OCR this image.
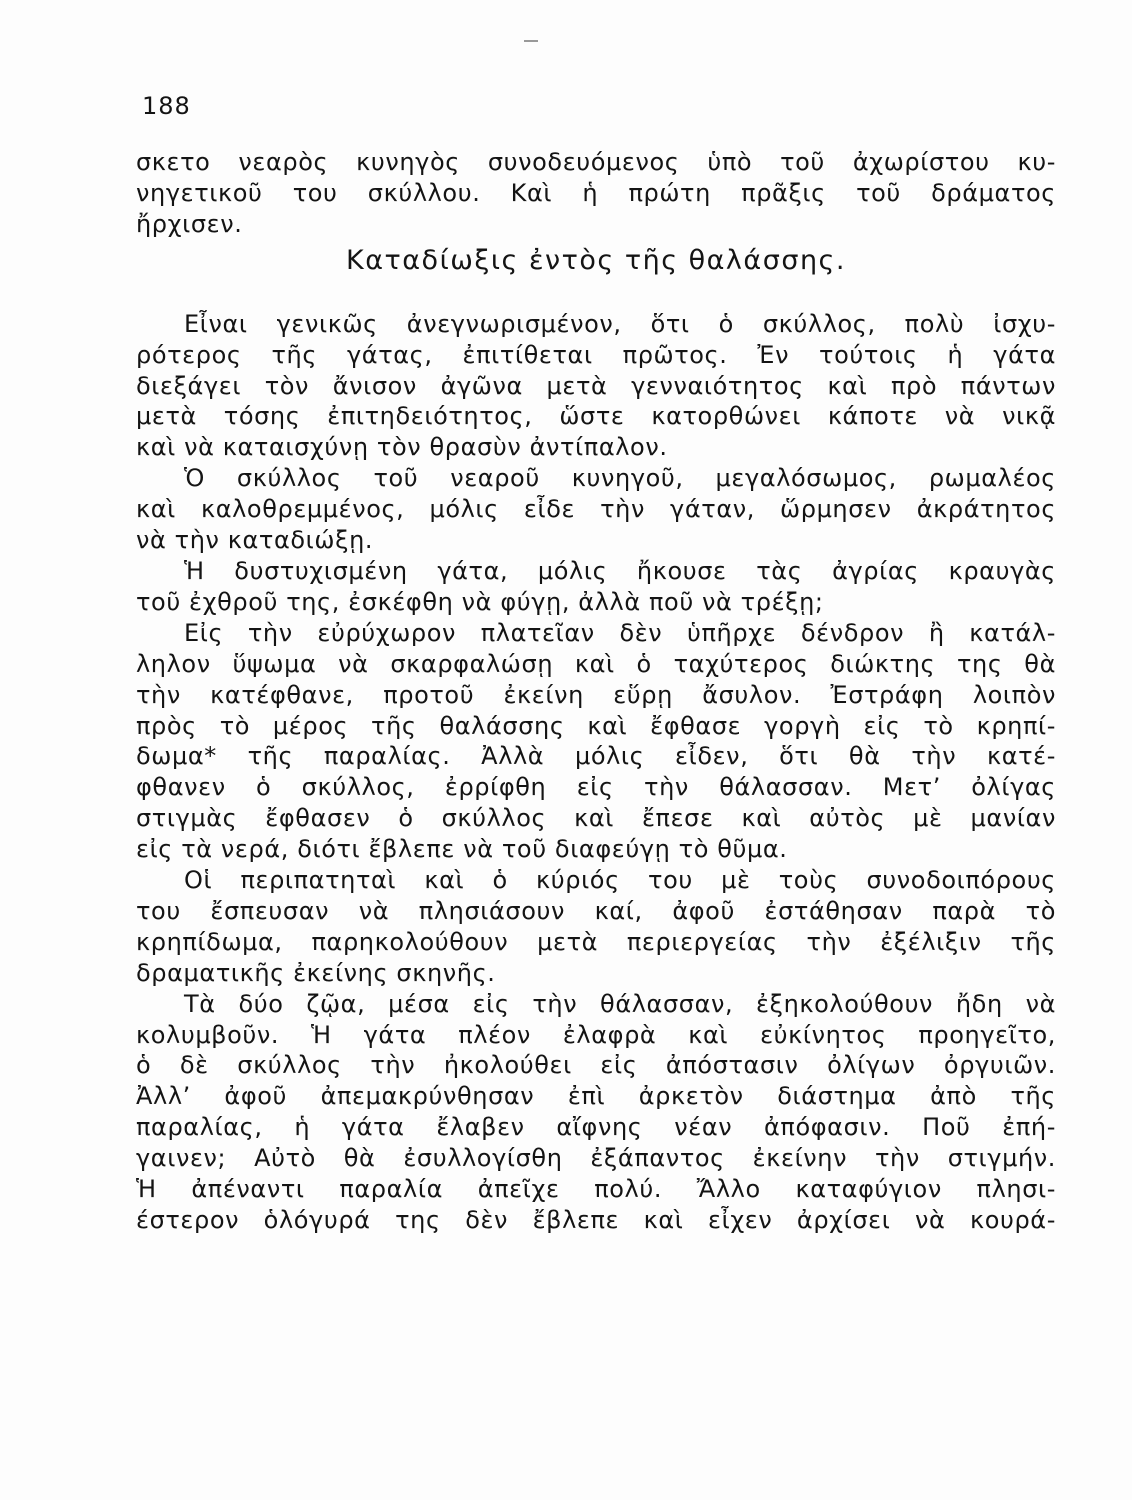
188
σκετο νεαρὸς κυνηγὸς συνοδευόμενος ὑπὸ τοῦ ἀχωρίστου κυ-
νηγετικοῦ του σκύλλου. Καὶ ἡ πρώτη πρᾶξις τοῦ δράματος
ἤρχισεν.
Καταδίωξις ἐντὸς τῆς θαλάσσης.
Εἶναι γενικῶς ἀνεγνωρισμένον, ὅτι ὁ σκύλλος, πολὺ ἰσχυ-
ρότερος τῆς γάτας, ἐπιτίθεται πρῶτος. Ἐν τούτοις ἡ γάτα
διεξάγει τὸν ἄνισον ἀγῶνα μετὰ γενναιότητος καὶ πρὸ πάντων
μετὰ τόσης ἐπιτηδειότητος, ὥστε κατορθώνει κάποτε νὰ νικᾷ
καὶ νὰ καταισχύνῃ τὸν θρασὺν ἀντίπαλον.
Ὁ σκύλλος τοῦ νεαροῦ κυνηγοῦ, μεγαλόσωμος, ρωμαλέος
καὶ καλοθρεμμένος, μόλις εἶδε τὴν γάταν, ὥρμησεν ἀκράτητος
νὰ τὴν καταδιώξῃ.
Ἡ δυστυχισμένη γάτα, μόλις ἤκουσε τὰς ἀγρίας κραυγὰς
τοῦ ἐχθροῦ της, ἐσκέφθη νὰ φύγῃ, ἀλλὰ ποῦ νὰ τρέξῃ;
Εἰς τὴν εὐρύχωρον πλατεῖαν δὲν ὑπῆρχε δένδρον ἢ κατάλ-
ληλον ὕψωμα νὰ σκαρφαλώσῃ καὶ ὁ ταχύτερος διώκτης της θὰ
τὴν κατέφθανε, προτοῦ ἐκείνη εὕρῃ ἄσυλον. Ἐστράφη λοιπὸν
πρὸς τὸ μέρος τῆς θαλάσσης καὶ ἔφθασε γοργὴ εἰς τὸ κρηπί-
δωμα* τῆς παραλίας. Ἀλλὰ μόλις εἶδεν, ὅτι θὰ τὴν κατέ-
φθανεν ὁ σκύλλος, ἐρρίφθη εἰς τὴν θάλασσαν. Μετ’ ὀλίγας
στιγμὰς ἔφθασεν ὁ σκύλλος καὶ ἔπεσε καὶ αὐτὸς μὲ μανίαν
εἰς τὰ νερά, διότι ἔβλεπε νὰ τοῦ διαφεύγῃ τὸ θῦμα.
Οἱ περιπατηταὶ καὶ ὁ κύριός του μὲ τοὺς συνοδοιπόρους
του ἔσπευσαν νὰ πλησιάσουν καί, ἀφοῦ ἐστάθησαν παρὰ τὸ
κρηπίδωμα, παρηκολούθουν μετὰ περιεργείας τὴν ἐξέλιξιν τῆς
δραματικῆς ἐκείνης σκηνῆς.
Τὰ δύο ζῷα, μέσα εἰς τὴν θάλασσαν, ἐξηκολούθουν ἤδη νὰ
κολυμβοῦν. Ἡ γάτα πλέον ἐλαφρὰ καὶ εὐκίνητος προηγεῖτο,
ὁ δὲ σκύλλος τὴν ἠκολούθει εἰς ἀπόστασιν ὀλίγων ὀργυιῶν.
Ἀλλ’ ἀφοῦ ἀπεμακρύνθησαν ἐπὶ ἀρκετὸν διάστημα ἀπὸ τῆς
παραλίας, ἡ γάτα ἔλαβεν αἴφνης νέαν ἀπόφασιν. Ποῦ ἐπή-
γαινεν; Αὐτὸ θὰ ἐσυλλογίσθη ἐξάπαντος ἐκείνην τὴν στιγμήν.
Ἡ ἀπέναντι παραλία ἀπεῖχε πολύ. Ἄλλο καταφύγιον πλησι-
έστερον ὁλόγυρά της δὲν ἔβλεπε καὶ εἶχεν ἀρχίσει νὰ κουρά-
